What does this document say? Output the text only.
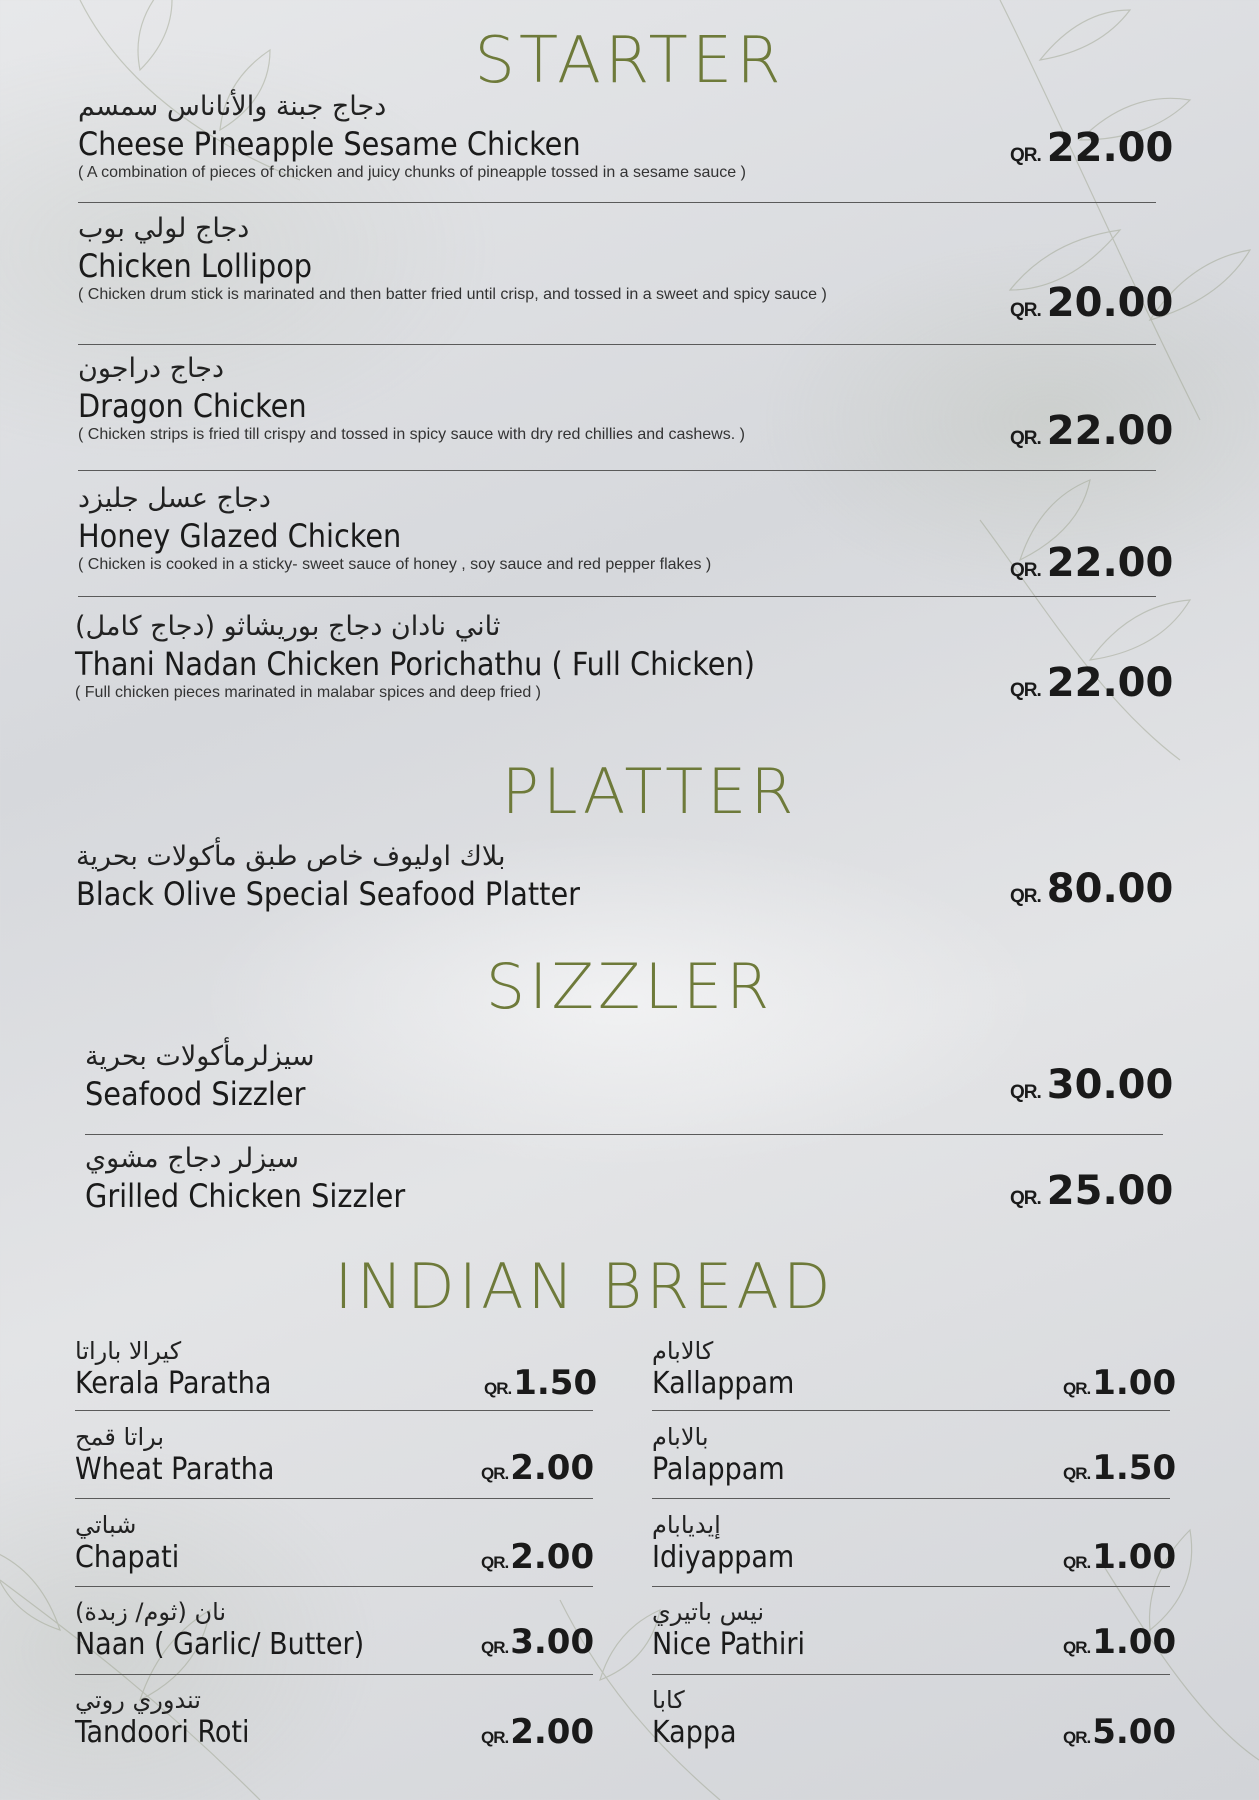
STARTER
دجاج جبنة والأناناس سمسم
Cheese Pineapple Sesame Chicken
( A combination of pieces of chicken and juicy chunks of pineapple tossed in a sesame sauce )
QR. 22.00
دجاج لولي بوب
Chicken Lollipop
( Chicken drum stick is marinated and then batter fried until crisp, and tossed in a sweet and spicy sauce )
QR. 20.00
دجاج دراجون
Dragon Chicken
( Chicken strips is fried till crispy and tossed in spicy sauce with dry red chillies and cashews. )	QR. 22.00
دجاج عسل جليزد
Honey Glazed Chicken
( Chicken is cooked in a sticky- sweet sauce of honey , soy sauce and red pepper flakes )	QR. 22.00
ثاني نادان دجاج بوريشاثو (دجاج كامل)
Thani Nadan Chicken Porichathu ( Full Chicken)
( Full chicken pieces marinated in malabar spices and deep fried )	QR. 22.00
PLATTER
بلاك اوليوف خاص طبق مأكولات بحرية
Black Olive Special Seafood Platter	QR. 80.00
SIZZLER
سيزلرمأكولات بحرية
Seafood Sizzler	QR. 30.00
سيزلر دجاج مشوي
Grilled Chicken Sizzler	QR. 25.00
INDIAN BREAD
كيرالا باراتا
Kerala Paratha	QR.1.50
براتا قمح
Wheat Paratha	QR.2.00
شباتي
Chapati	QR.2.00
نان (ثوم/ زبدة)
Naan ( Garlic/ Butter)	QR.3.00
تندوري روتي
Tandoori Roti	QR.2.00
كالابام
Kallappam	QR.1.00
بالابام
Palappam	QR.1.50
إيديابام
Idiyappam	QR.1.00
نيس باتيري
Nice Pathiri	QR.1.00
كابا
Kappa	QR.5.00
